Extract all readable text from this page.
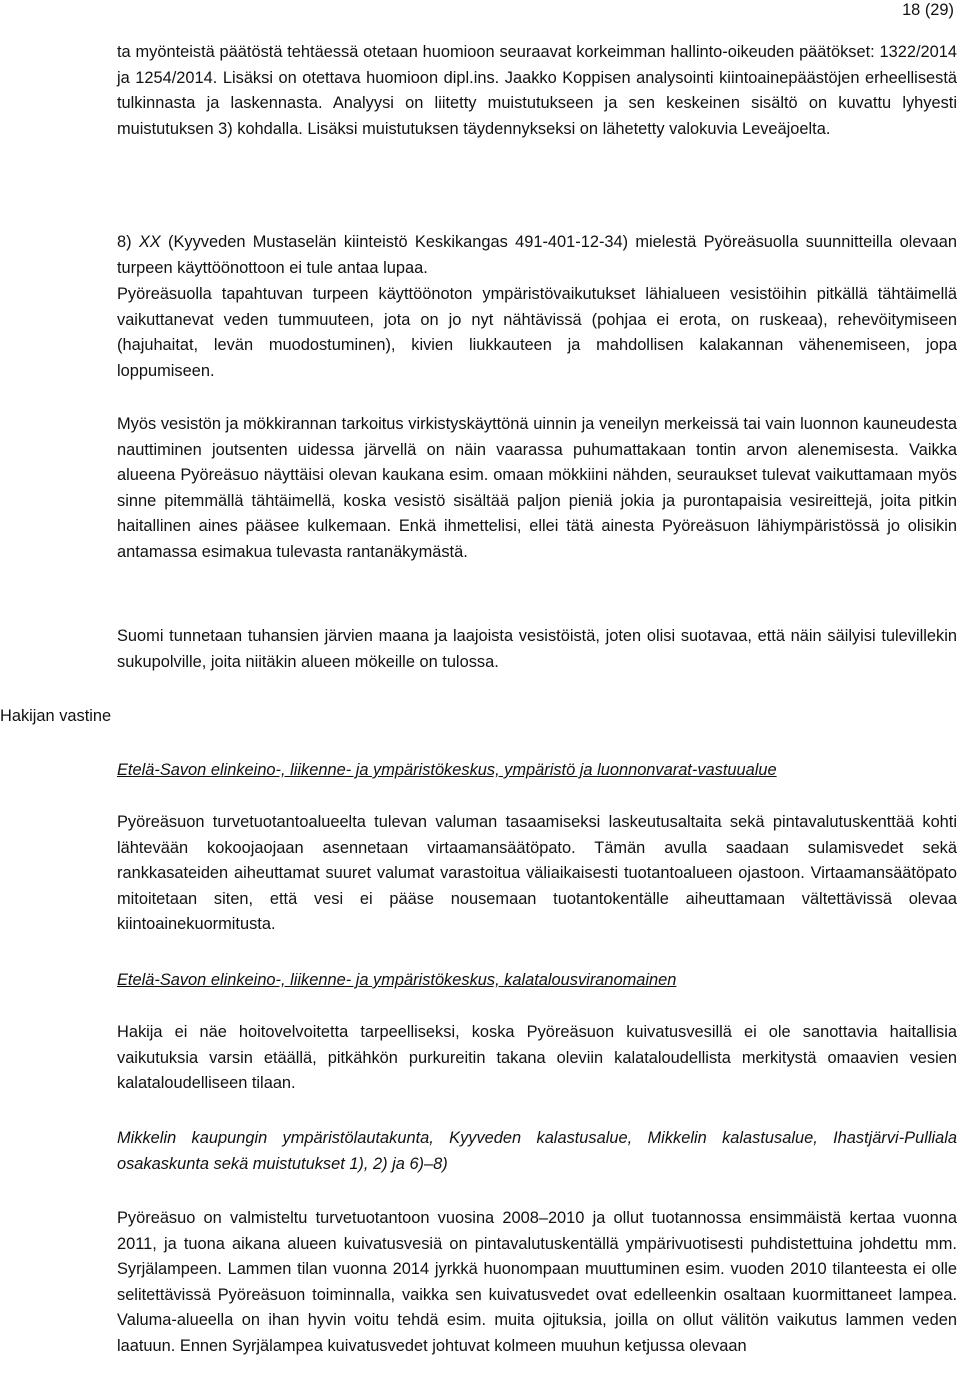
18 (29)
Hakijan vastine

ta myönteistä päätöstä tehtäessä otetaan huomioon seuraavat korkeimman hallinto-oikeuden päätökset: 1322/2014 ja 1254/2014. Lisäksi on otettava huomioon dipl.ins. Jaakko Koppisen analysointi kiintoainepäästöjen erheellisestä tulkinnasta ja laskennasta. Analyysi on liitetty muistutukseen ja sen keskeinen sisältö on kuvattu lyhyesti muistutuksen 3) kohdalla. Lisäksi muistutuksen täydennykseksi on lähetetty valokuvia Leveäjoelta.

8) XX (Kyyveden Mustaselän kiinteistö Keskikangas 491-401-12-34) mielestä Pyöreäsuolla suunnitteilla olevaan turpeen käyttöönottoon ei tule antaa lupaa.

Pyöreäsuolla tapahtuvan turpeen käyttöönoton ympäristövaikutukset lähialueen vesistöihin pitkällä tähtäimellä vaikuttanevat veden tummuuteen, jota on jo nyt nähtävissä (pohjaa ei erota, on ruskeaa), rehevöitymiseen (hajuhaitat, levän muodostuminen), kivien liukkauteen ja mahdollisen kalakannan vähenemiseen, jopa loppumiseen.

Myös vesistön ja mökkirannan tarkoitus virkistyskäyttönä uinnin ja veneilyn merkeissä tai vain luonnon kauneudesta nauttiminen joutsenten uidessa järvellä on näin vaarassa puhumattakaan tontin arvon alenemisesta. Vaikka alueena Pyöreäsuo näyttäisi olevan kaukana esim. omaan mökkiini nähden, seuraukset tulevat vaikuttamaan myös sinne pitemmällä tähtäimellä, koska vesistö sisältää paljon pieniä jokia ja purontapaisia vesireittejä, joita pitkin haitallinen aines pääsee kulkemaan. Enkä ihmettelisi, ellei tätä ainesta Pyöreäsuon lähiympäristössä jo olisikin antamassa esimakua tulevasta rantanäkymästä.

Suomi tunnetaan tuhansien järvien maana ja laajoista vesistöistä, joten olisi suotavaa, että näin säilyisi tulevillekin sukupolville, joita niitäkin alueen mökeille on tulossa.

Etelä-Savon elinkeino-, liikenne- ja ympäristökeskus, ympäristö ja luonnonvarat-vastuualue

Pyöreäsuon turvetuotantoalueelta tulevan valuman tasaamiseksi laskeutusaltaita sekä pintavalutuskenttää kohti lähtevään kokoojaojaan asennetaan virtaamansäätöpato. Tämän avulla saadaan sulamisvedet sekä rankkasateiden aiheuttamat suuret valumat varastoitua väliaikaisesti tuotantoalueen ojastoon. Virtaamansäätöpato mitoitetaan siten, että vesi ei pääse nousemaan tuotantokentälle aiheuttamaan vältettävissä olevaa kiintoainekuormitusta.

Etelä-Savon elinkeino-, liikenne- ja ympäristökeskus, kalatalousviranomainen

Hakija ei näe hoitovelvoitetta tarpeelliseksi, koska Pyöreäsuon kuivatusvesillä ei ole sanottavia haitallisia vaikutuksia varsin etäällä, pitkähkön purkureitin takana oleviin kalataloudellista merkitystä omaavien vesien kalataloudelliseen tilaan.

Mikkelin kaupungin ympäristölautakunta, Kyyveden kalastusalue, Mikkelin kalastusalue, Ihastjärvi-Pulliala osakaskunta sekä muistutukset 1), 2) ja 6)–8)

Pyöreäsuo on valmisteltu turvetuotantoon vuosina 2008–2010 ja ollut tuotannossa ensimmäistä kertaa vuonna 2011, ja tuona aikana alueen kuivatusvesiä on pintavalutuskentällä ympärivuotisesti puhdistettuina johdettu mm. Syrjälampeen. Lammen tilan vuonna 2014 jyrkkä huonompaan muuttuminen esim. vuoden 2010 tilanteesta ei olle selitettävissä Pyöreäsuon toiminnalla, vaikka sen kuivatusvedet ovat edelleenkin osaltaan kuormittaneet lampea. Valuma-alueella on ihan hyvin voitu tehdä esim. muita ojituksia, joilla on ollut välitön vaikutus lammen veden laatuun. Ennen Syrjälampea kuivatusvedet johtuvat kolmeen muuhun ketjussa olevaan
